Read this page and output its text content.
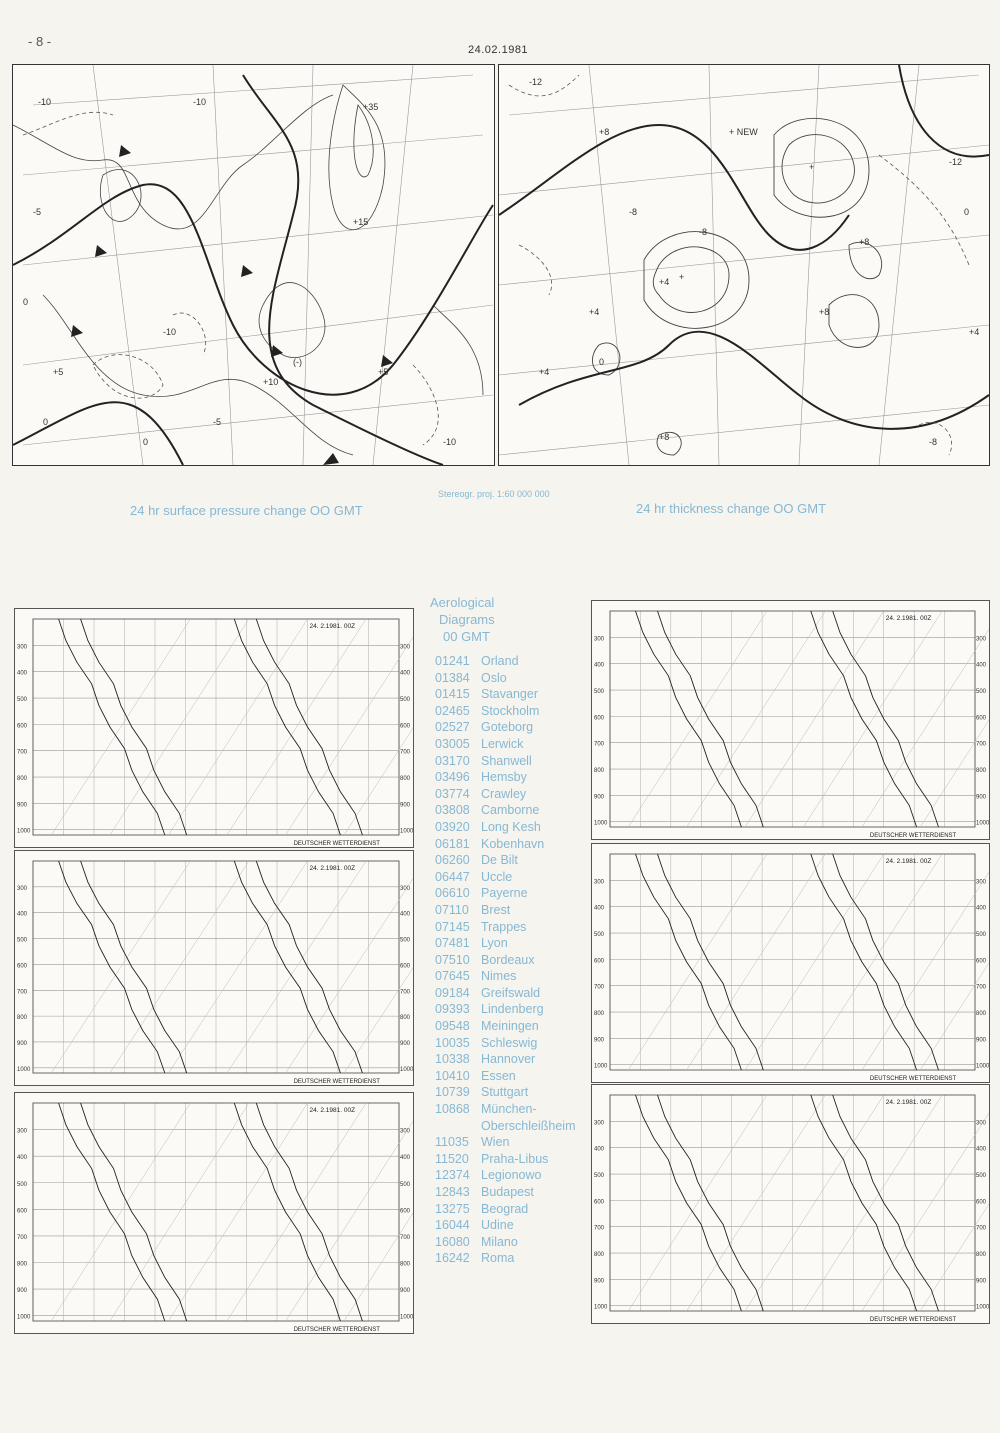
- 8 -
24.02.1981
-10
-5
+5
-10	+35
+15
+10
+5
-10
0
0
0
-5
-10
(-)
-12
+8	+ NEW
+
+
+8
+8
+4
+4
+4
0
+8
-12
0
+4
-8
-8
-8
24 hr surface pressure change OO GMT
Stereogr. proj. 1:60 000 000
24 hr thickness change OO GMT
300	300
400	400
500	500
600	600
700	700
800	800
900	900
1000	1000
24. 2.1981. 00Z
DEUTSCHER WETTERDIENST
300	300
400	400
500	500
600	600
700	700
800	800
900	900
1000	1000
24. 2.1981. 00Z
DEUTSCHER WETTERDIENST
300	300
400	400
500	500
600	600
700	700
800	800
900	900
1000	1000
24. 2.1981. 00Z
DEUTSCHER WETTERDIENST
300	300
400	400
500	500
600	600
700	700
800	800
900	900
1000	1000
24. 2.1981. 00Z
DEUTSCHER WETTERDIENST
300	300
400	400
500	500
600	600
700	700
800	800
900	900
1000	1000
24. 2.1981. 00Z
DEUTSCHER WETTERDIENST
300	300
400	400
500	500
600	600
700	700
800	800
900	900
1000	1000
24. 2.1981. 00Z
DEUTSCHER WETTERDIENST
Aerological
Diagrams
00 GMT
01241 Orland
01384 Oslo
01415 Stavanger
02465 Stockholm
02527 Goteborg
03005 Lerwick
03170 Shanwell
03496 Hemsby
03774 Crawley
03808 Camborne
03920 Long Kesh
06181 Kobenhavn
06260 De Bilt
06447 Uccle
06610 Payerne
07110 Brest
07145 Trappes
07481 Lyon
07510 Bordeaux
07645 Nimes
09184 Greifswald
09393 Lindenberg
09548 Meiningen
10035 Schleswig
10338 Hannover
10410 Essen
10739 Stuttgart
10868 München-
Oberschleißheim
11035 Wien
11520 Praha-Libus
12374 Legionowo
12843 Budapest
13275 Beograd
16044 Udine
16080 Milano
16242 Roma
